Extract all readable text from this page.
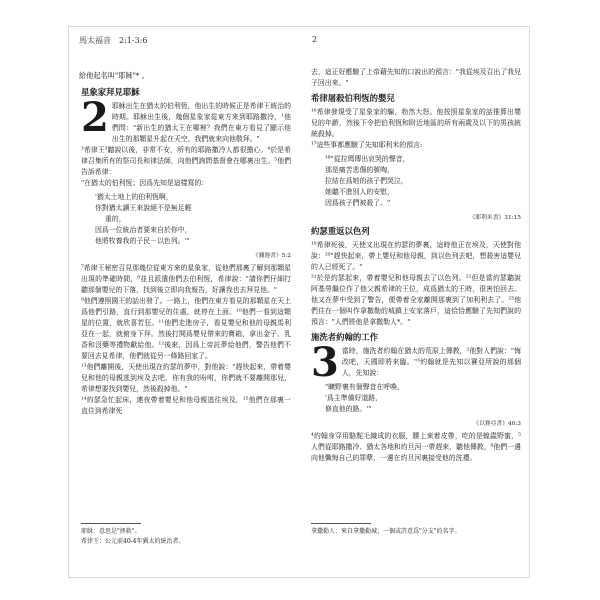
馬太福音　2:1-3:6	2
給他起名叫"耶穌"* 。
星象家拜見耶穌
2 耶穌出生在猶太的伯利恆，他出生的時候正是希律王統治的時期。耶穌出生後，幾個星象家從東方來到耶路撒冷，¹他們問："新出生的猶太王在哪裡？我們在東方看見了顯示他出生的那顆星升起在天空，我們就來向他敬拜。"

³希律王³聽說以後，非常不安，所有的耶路撒冷人都很擔心。⁴於是希律召集所有的祭司長和律法師，向他們詢問基督會在哪裏出生。⁵他們告訴希律：

"在猶太的伯利恆；因爲先知是這樣寫的：

'猶太土地上的伯利恆啊，
你對猶太讀王來說絕不是無足輕
重的，
因爲一位統治者要來自於你中，
他將牧養我的子民－以色列。'"
《彌迦書》5:2

⁷希律王秘密召見那幾位從東方來的星象家，從他們那裏了解到那顆星出現的準確時間，⁸並且派遣他們去伯利恆，希律說："請你們仔細打聽那個嬰兒的下落，找到後立即向我報告，好讓我也去拜見他。"

⁹他們遵照國王的話出發了。一路上，他們在東方看見的那顆星在天上爲他們引路，直行到那嬰兒的住處，就停在上面。¹⁰他們一看到這顆星的位置，就欣喜若狂。¹¹他們走進房子，看見嬰兒和他的母親馬利亞在一起，就俯身下拜。然後打開爲嬰兒帶來的寶箱，拿出金子、乳香和沒藥等禮物獻給他。¹²後來，因爲上帝託夢給他們，警告他們不要回去見希律，他們就從另一條路回家了。

¹³他們離開後，天使出現在約瑟的夢中，對他說："趕快起來，帶着嬰兒和他的母親逃到埃及去吧，你有我的吩咐，你們就不要離開那兒，希律想要找到嬰兒，然後殺掉他。"

¹⁴約瑟急忙起床，連夜帶着嬰兒和他母親逃往埃及，¹⁵他們在那裏一直住到希律死

去，這正好應驗了上帝藉先知的口說出的預言："我從埃及召出了我兒子回出來。"

希律屠殺伯利恆的嬰兒

¹⁶希律發現受了星象家的騙，勃然大怒。他按照星象家的話推算出嬰兒的年齡，然後下令把伯利恆和附近地區的所有兩歲及以下的男孩統統殺掉。

¹⁷這些事都應驗了先知耶利米的預言:

¹⁸"從拉瑪傳出哀哭的聲音，
那是痛苦悲傷的號啕，
拉結在爲她的孩子們哭泣，
她聽不進別人的安慰，
因爲孩子們被殺了。"
《耶利米書》31:15
約瑟重返以色列

¹⁹希律死後，天使又出現在約瑟的夢裏，這時他正在埃及，天使對他說：²⁰"趕快起來，帶上嬰兒和他母親，到以色列去吧，想殺害這嬰兒的人已經死了。"

²¹於是約瑟起來，帶着嬰兒和他母親去了以色列。²²但是當約瑟聽說阿基勞繼位作了他父親希律的王位，成爲猶太的王時，很害怕回去。他又在夢中受到了警告，便帶着全家離開那裏到了加利利去了。²³他們住在一個叫作拿撒勒的城鎮上安家落戶，這恰恰應驗了先知們說的預言："人們將他是拿撒勒人*。"

施洗者約翰的工作
3 當時，施洗者約翰在猶太的荒原上傳教，²他對人們說："悔改吧，天國即將來臨。"³約翰就是先知以賽亞所說的那個人，先知說：

"曠野裏有個聲音在呼喚，
'爲主準備好道路，
修直他的路。'"
《以賽亞書》40:3

⁴約翰身穿用駱駝毛織成的衣服，腰上束着皮帶，吃的是蝗蟲野蜜，⁵人們從耶路撒冷、猶太各地和約旦河一帶趕來，聽他傳教，⁶他們一邊向他懺悔自己的罪孽，一邊在約旦河裏接受他的洗禮。

耶穌：意思是"拯救"。
希律王：公元前40-4年猶太的統治者。
拿撒勒人：來自拿撒勒城；一個或許意爲"分支"的名字。
